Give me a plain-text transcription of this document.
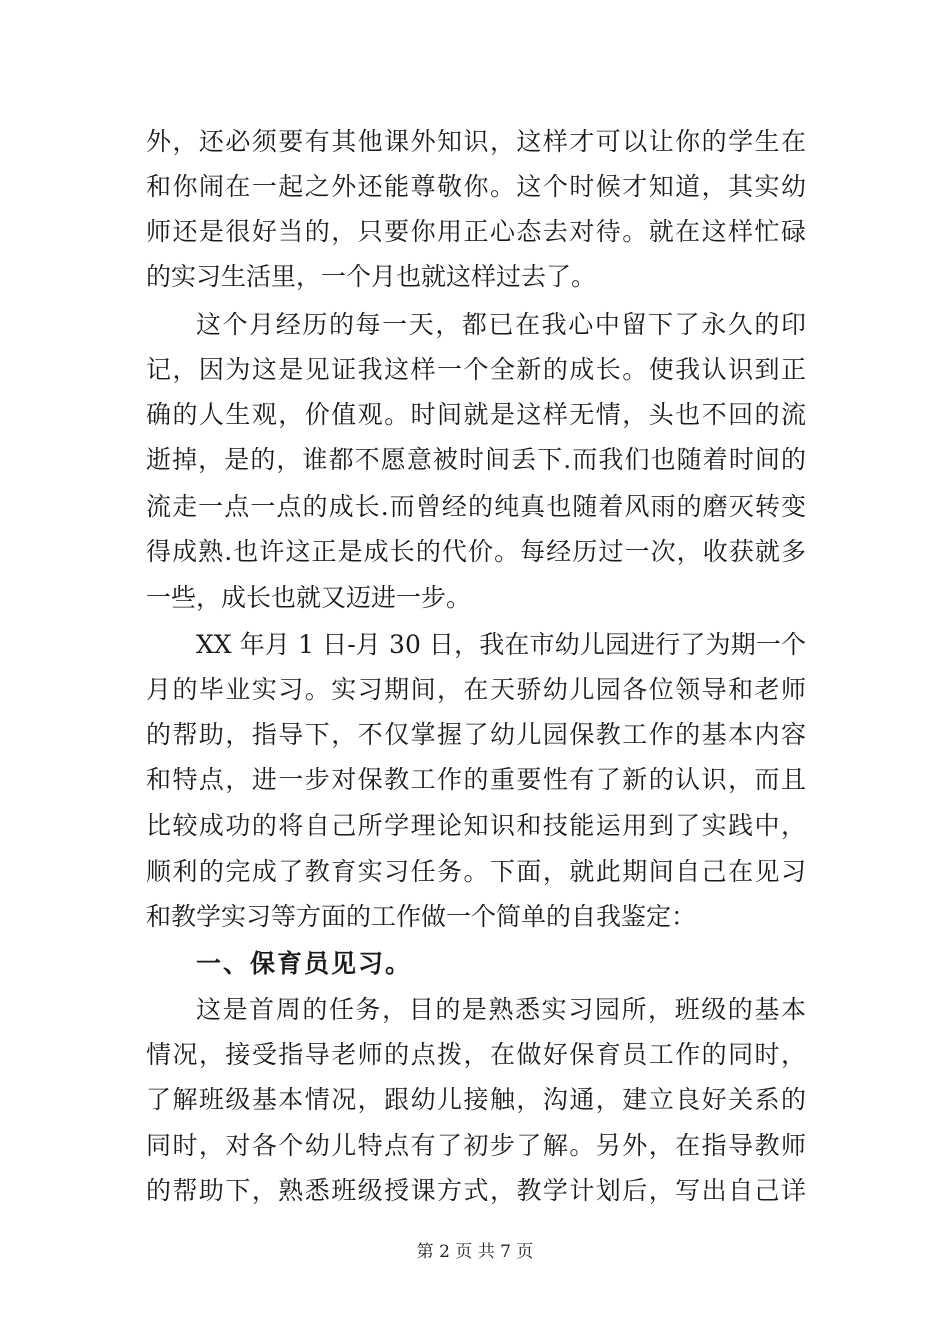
外，还必须要有其他课外知识，这样才可以让你的学生在
和你闹在一起之外还能尊敬你。这个时候才知道，其实幼
师还是很好当的，只要你用正心态去对待。就在这样忙碌
的实习生活里，一个月也就这样过去了。
这个月经历的每一天，都已在我心中留下了永久的印
记，因为这是见证我这样一个全新的成长。使我认识到正
确的人生观，价值观。时间就是这样无情，头也不回的流
逝掉，是的，谁都不愿意被时间丢下.而我们也随着时间的
流走一点一点的成长.而曾经的纯真也随着风雨的磨灭转变
得成熟.也许这正是成长的代价。每经历过一次，收获就多
一些，成长也就又迈进一步。
XX 年月 1 日-月 30 日，我在市幼儿园进行了为期一个
月的毕业实习。实习期间，在天骄幼儿园各位领导和老师
的帮助，指导下，不仅掌握了幼儿园保教工作的基本内容
和特点，进一步对保教工作的重要性有了新的认识，而且
比较成功的将自己所学理论知识和技能运用到了实践中，
顺利的完成了教育实习任务。下面，就此期间自己在见习
和教学实习等方面的工作做一个简单的自我鉴定：
一、保育员见习。
这是首周的任务，目的是熟悉实习园所，班级的基本
情况，接受指导老师的点拨，在做好保育员工作的同时，
了解班级基本情况，跟幼儿接触，沟通，建立良好关系的
同时，对各个幼儿特点有了初步了解。另外，在指导教师
的帮助下，熟悉班级授课方式，教学计划后，写出自己详
第 2 页 共 7 页
